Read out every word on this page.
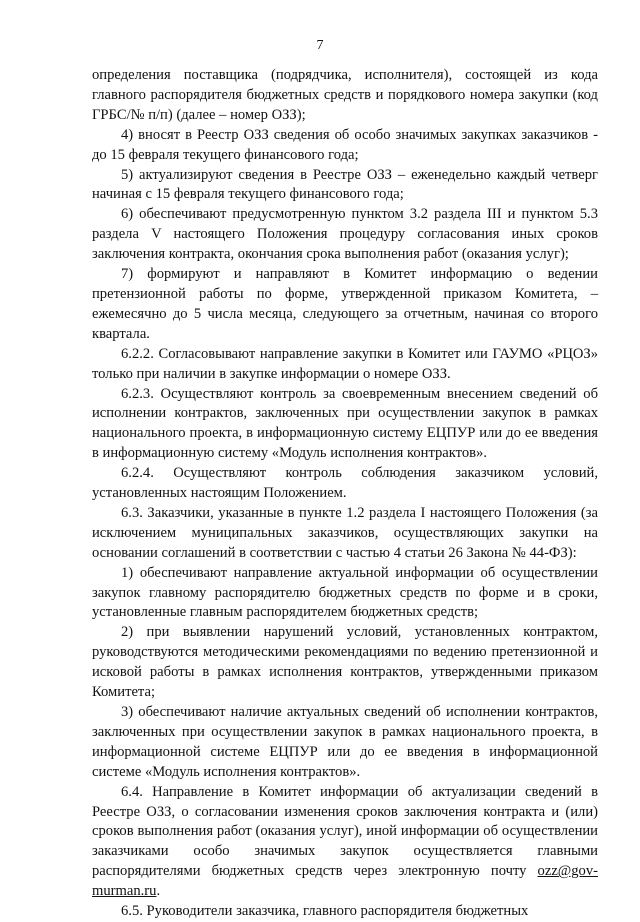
7

определения поставщика (подрядчика, исполнителя), состоящей из кода главного распорядителя бюджетных средств и порядкового номера закупки (код ГРБС/№ п/п) (далее – номер ОЗЗ);

4) вносят в Реестр ОЗЗ сведения об особо значимых закупках заказчиков - до 15 февраля текущего финансового года;

5) актуализируют сведения в Реестре ОЗЗ – еженедельно каждый четверг начиная с 15 февраля текущего финансового года;

6) обеспечивают предусмотренную пунктом 3.2 раздела III и пунктом 5.3 раздела V настоящего Положения процедуру согласования иных сроков заключения контракта, окончания срока выполнения работ (оказания услуг);

7) формируют и направляют в Комитет информацию о ведении претензионной работы по форме, утвержденной приказом Комитета, – ежемесячно до 5 числа месяца, следующего за отчетным, начиная со второго квартала.

6.2.2. Согласовывают направление закупки в Комитет или ГАУМО «РЦОЗ» только при наличии в закупке информации о номере ОЗЗ.

6.2.3. Осуществляют контроль за своевременным внесением сведений об исполнении контрактов, заключенных при осуществлении закупок в рамках национального проекта, в информационную систему ЕЦПУР или до ее введения в информационную систему «Модуль исполнения контрактов».

6.2.4. Осуществляют контроль соблюдения заказчиком условий, установленных настоящим Положением.

6.3. Заказчики, указанные в пункте 1.2 раздела I настоящего Положения (за исключением муниципальных заказчиков, осуществляющих закупки на основании соглашений в соответствии с частью 4 статьи 26 Закона № 44-ФЗ):

1) обеспечивают направление актуальной информации об осуществлении закупок главному распорядителю бюджетных средств по форме и в сроки, установленные главным распорядителем бюджетных средств;

2) при выявлении нарушений условий, установленных контрактом, руководствуются методическими рекомендациями по ведению претензионной и исковой работы в рамках исполнения контрактов, утвержденными приказом Комитета;

3) обеспечивают наличие актуальных сведений об исполнении контрактов, заключенных при осуществлении закупок в рамках национального проекта, в информационной системе ЕЦПУР или до ее введения в информационной системе «Модуль исполнения контрактов».

6.4. Направление в Комитет информации об актуализации сведений в Реестре ОЗЗ, о согласовании изменения сроков заключения контракта и (или) сроков выполнения работ (оказания услуг), иной информации об осуществлении заказчиками особо значимых закупок осуществляется главными распорядителями бюджетных средств через электронную почту ozz@gov-murman.ru.

6.5. Руководители заказчика, главного распорядителя бюджетных
